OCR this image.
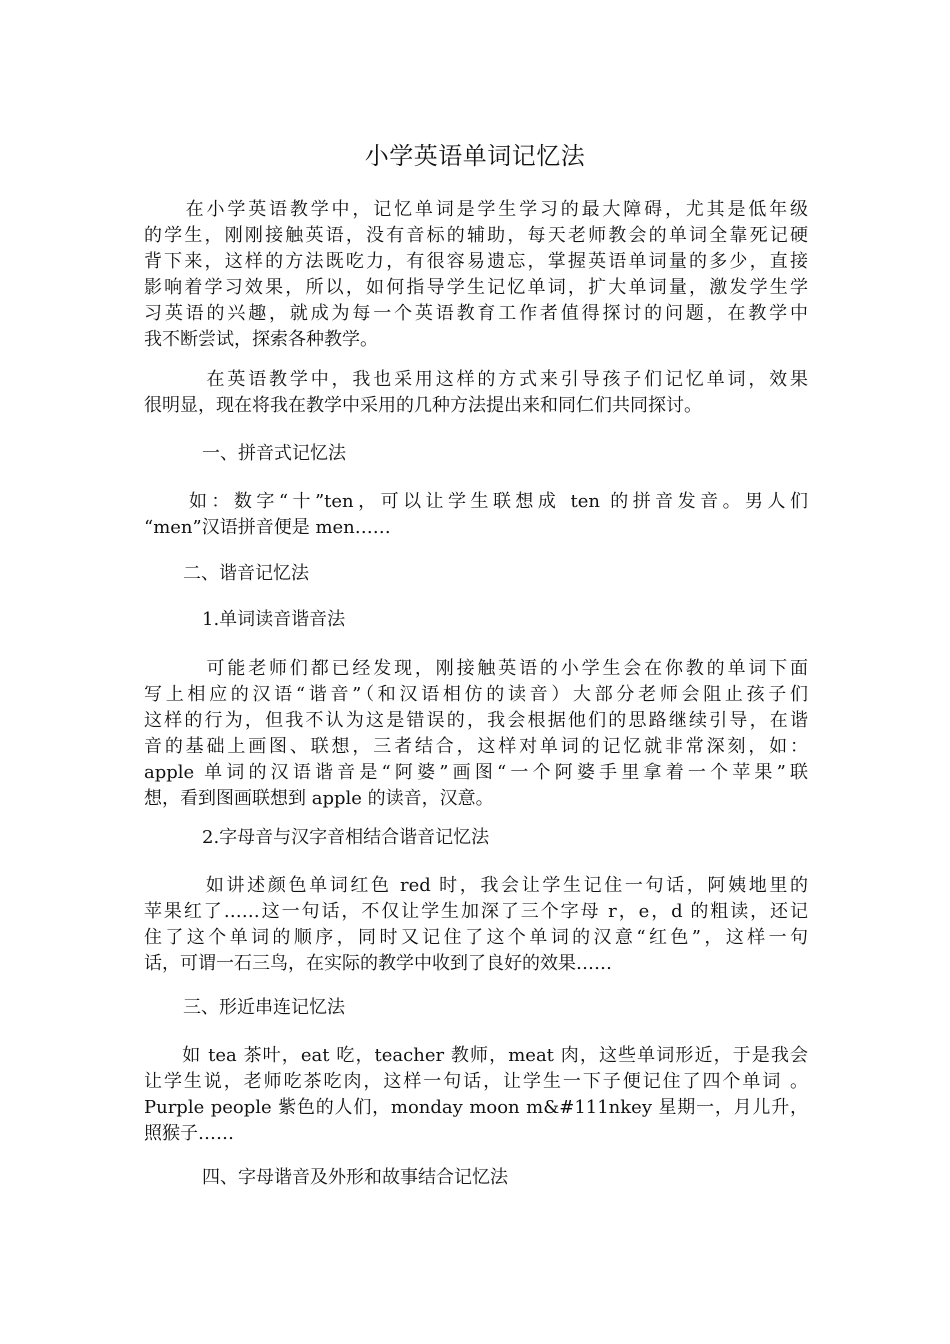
小学英语单词记忆法
　　在小学英语教学中，记忆单词是学生学习的最大障碍，尤其是低年级
的学生，刚刚接触英语，没有音标的辅助，每天老师教会的单词全靠死记硬
背下来，这样的方法既吃力，有很容易遗忘，掌握英语单词量的多少，直接
影响着学习效果，所以，如何指导学生记忆单词，扩大单词量，激发学生学
习英语的兴趣，就成为每一个英语教育工作者值得探讨的问题，在教学中
我不断尝试，探索各种教学。
　　　在英语教学中，我也采用这样的方式来引导孩子们记忆单词，效果
很明显，现在将我在教学中采用的几种方法提出来和同仁们共同探讨。
一、拼音式记忆法
　　如：数字“十”ten，可以让学生联想成 ten 的拼音发音。男人们
“men”汉语拼音便是 men……
二、谐音记忆法
1.单词读音谐音法
　　　可能老师们都已经发现，刚接触英语的小学生会在你教的单词下面
写上相应的汉语“谐音”（和汉语相仿的读音）大部分老师会阻止孩子们
这样的行为，但我不认为这是错误的，我会根据他们的思路继续引导，在谐
音的基础上画图、联想，三者结合，这样对单词的记忆就非常深刻，如：
apple 单词的汉语谐音是“阿婆”画图“一个阿婆手里拿着一个苹果”联
想，看到图画联想到 apple 的读音，汉意。
2.字母音与汉字音相结合谐音记忆法
　　　如讲述颜色单词红色 red 时，我会让学生记住一句话，阿姨地里的
苹果红了……这一句话，不仅让学生加深了三个字母 r，e，d 的粗读，还记
住了这个单词的顺序，同时又记住了这个单词的汉意“红色”，这样一句
话，可谓一石三鸟，在实际的教学中收到了良好的效果……
三、形近串连记忆法
　　如 tea 茶叶，eat 吃，teacher 教师，meat 肉，这些单词形近，于是我会
让学生说，老师吃茶吃肉，这样一句话，让学生一下子便记住了四个单词 。
Purple people 紫色的人们，monday moon m&#111nkey 星期一，月儿升，
照猴子……
四、字母谐音及外形和故事结合记忆法
